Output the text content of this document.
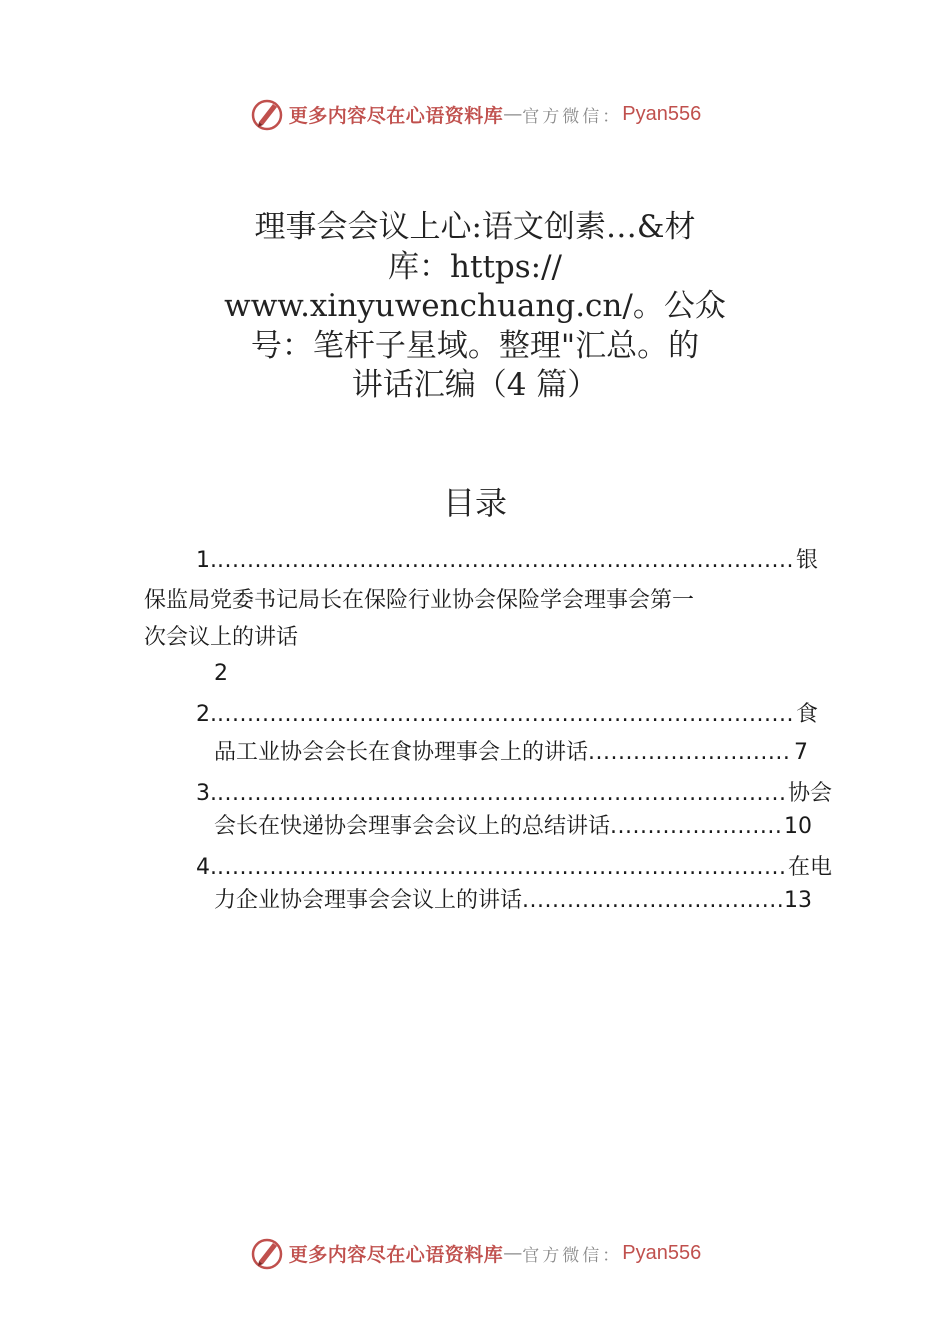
更多内容尽在心语资料库 — 官方微信： Pyan556
理事会会议上心:语文创素…&材
库：https://
www.xinyuwenchuang.cn/。公众
号：笔杆子星域。整理"汇总。的
讲话汇编（4 篇）
目录
1. .....	银
保监局党委书记局长在保险行业协会保险学会理事会第一
次会议上的讲话
2
2. .....	食
品工业协会会长在食协理事会上的讲话 .....	7
3. .....	协会
会长在快递协会理事会会议上的总结讲话 .....	10
4. .....	在电
力企业协会理事会会议上的讲话 .....	13
更多内容尽在心语资料库 — 官方微信： Pyan556
